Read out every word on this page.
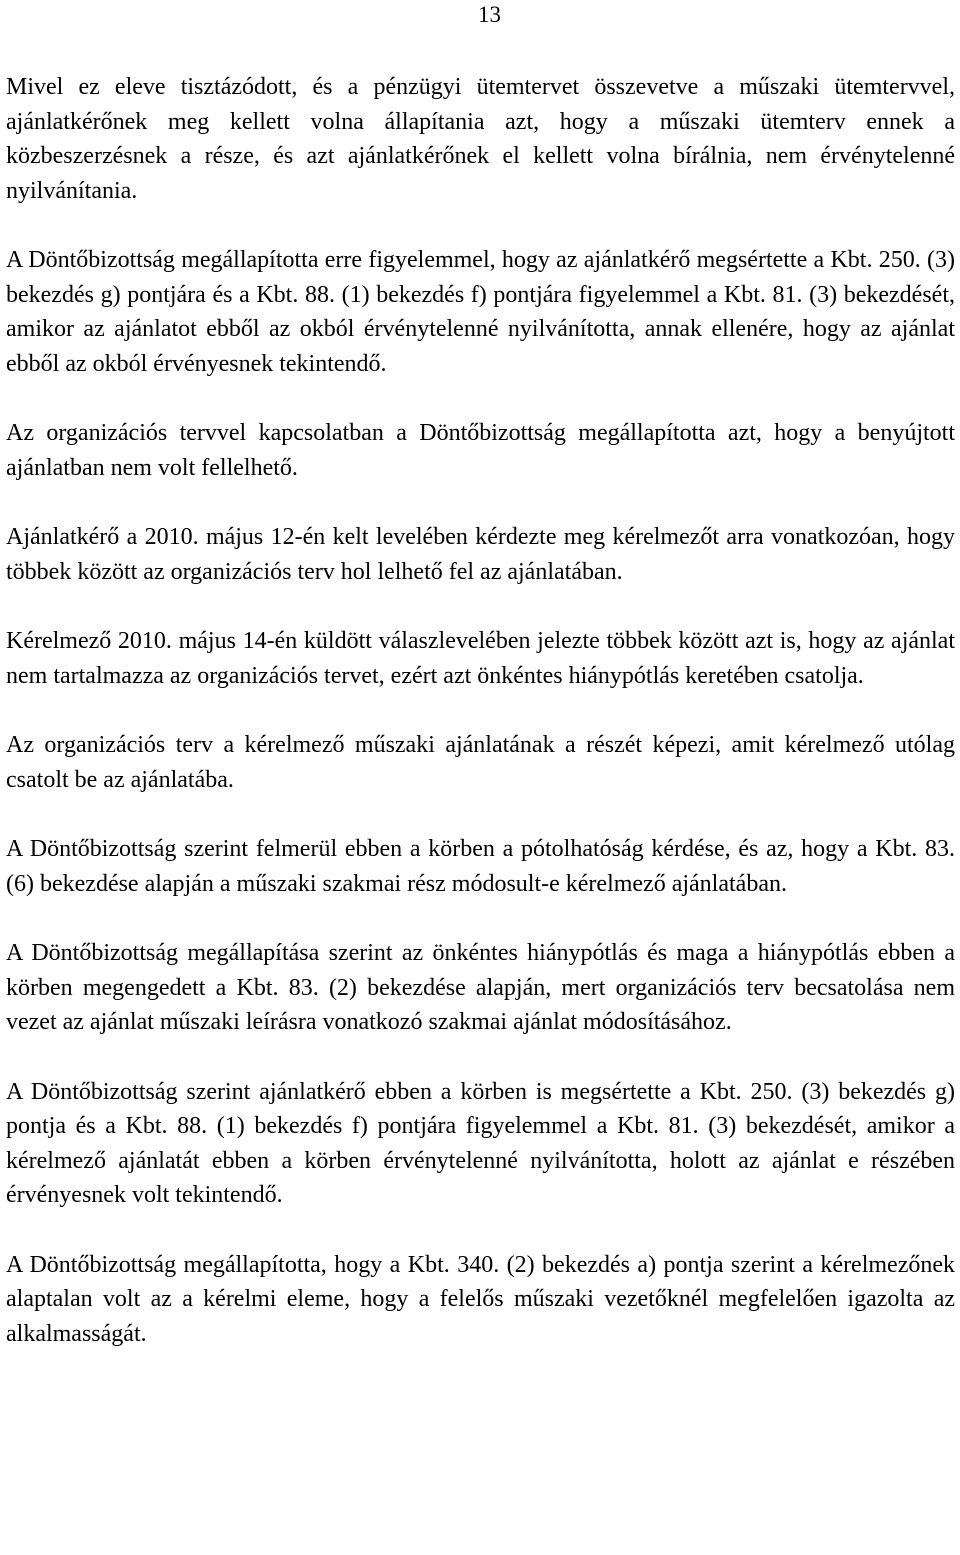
13

Mivel ez eleve tisztázódott, és a pénzügyi ütemtervet összevetve a műszaki ütemtervvel, ajánlatkérőnek meg kellett volna állapítania azt, hogy a műszaki ütemterv ennek a közbeszerzésnek a része, és azt ajánlatkérőnek el kellett volna bírálnia, nem érvénytelenné nyilvánítania.

A Döntőbizottság megállapította erre figyelemmel, hogy az ajánlatkérő megsértette a Kbt. 250. (3) bekezdés g) pontjára és a Kbt. 88. (1) bekezdés f) pontjára figyelemmel a Kbt. 81. (3) bekezdését, amikor az ajánlatot ebből az okból érvénytelenné nyilvánította, annak ellenére, hogy az ajánlat ebből az okból érvényesnek tekintendő.

Az organizációs tervvel kapcsolatban a Döntőbizottság megállapította azt, hogy a benyújtott ajánlatban nem volt fellelhető.

Ajánlatkérő a 2010. május 12-én kelt levelében kérdezte meg kérelmezőt arra vonatkozóan, hogy többek között az organizációs terv hol lelhető fel az ajánlatában.

Kérelmező 2010. május 14-én küldött válaszlevelében jelezte többek között azt is, hogy az ajánlat nem tartalmazza az organizációs tervet, ezért azt önkéntes hiánypótlás keretében csatolja.

Az organizációs terv a kérelmező műszaki ajánlatának a részét képezi, amit kérelmező utólag csatolt be az ajánlatába.

A Döntőbizottság szerint felmerül ebben a körben a pótolhatóság kérdése, és az, hogy a Kbt. 83. (6) bekezdése alapján a műszaki szakmai rész módosult-e kérelmező ajánlatában.

A Döntőbizottság megállapítása szerint az önkéntes hiánypótlás és maga a hiánypótlás ebben a körben megengedett a Kbt. 83. (2) bekezdése alapján, mert organizációs terv becsatolása nem vezet az ajánlat műszaki leírásra vonatkozó szakmai ajánlat módosításához.

A Döntőbizottság szerint ajánlatkérő ebben a körben is megsértette a Kbt. 250. (3) bekezdés g) pontja és a Kbt. 88. (1) bekezdés f) pontjára figyelemmel a Kbt. 81. (3) bekezdését, amikor a kérelmező ajánlatát ebben a körben érvénytelenné nyilvánította, holott az ajánlat e részében érvényesnek volt tekintendő.

A Döntőbizottság megállapította, hogy a Kbt. 340. (2) bekezdés a) pontja szerint a kérelmezőnek alaptalan volt az a kérelmi eleme, hogy a felelős műszaki vezetőknél megfelelően igazolta az alkalmasságát.
